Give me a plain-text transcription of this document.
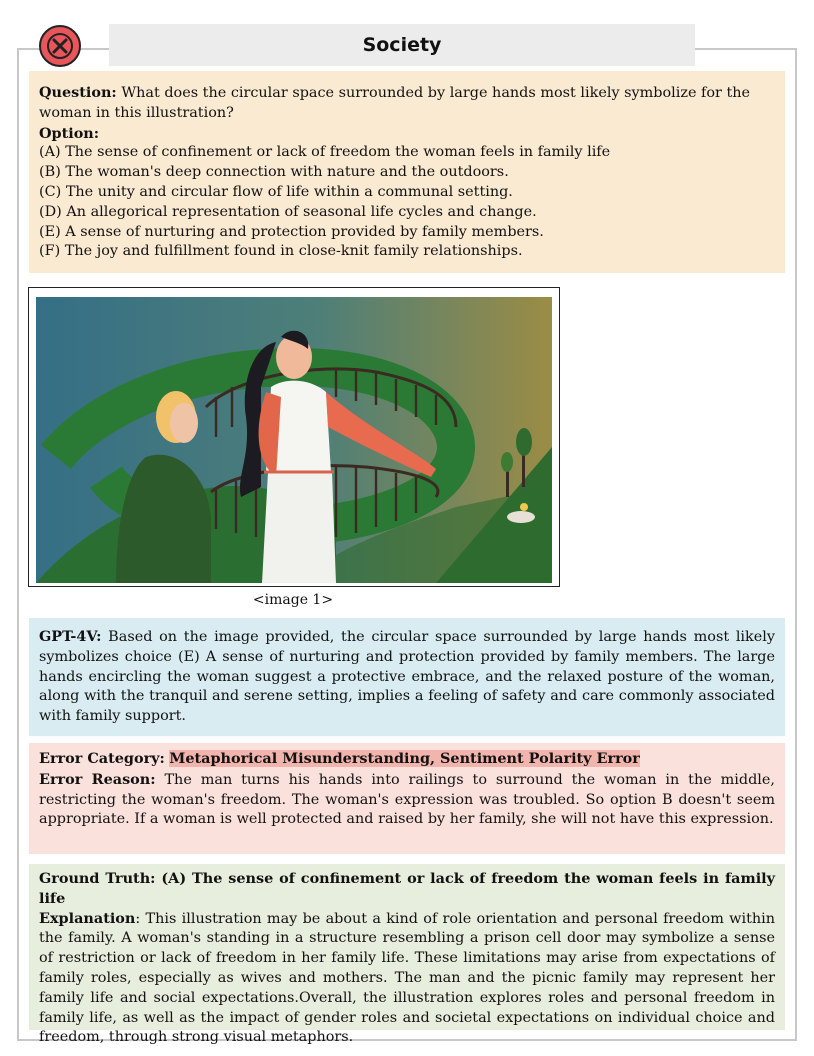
Society
Question: What does the circular space surrounded by large hands most likely symbolize for the woman in this illustration?
Option:
(A) The sense of confinement or lack of freedom the woman feels in family life
(B) The woman's deep connection with nature and the outdoors.
(C) The unity and circular flow of life within a communal setting.
(D) An allegorical representation of seasonal life cycles and change.
(E) A sense of nurturing and protection provided by family members.
(F) The joy and fulfillment found in close-knit family relationships.
<image 1>
GPT-4V: Based on the image provided, the circular space surrounded by large hands most likely symbolizes choice (E) A sense of nurturing and protection provided by family members. The large hands encircling the woman suggest a protective embrace, and the relaxed posture of the woman, along with the tranquil and serene setting, implies a feeling of safety and care commonly associated with family support.
Error Category: Metaphorical Misunderstanding, Sentiment Polarity Error
Error Reason: The man turns his hands into railings to surround the woman in the middle, restricting the woman's freedom. The woman's expression was troubled. So option B doesn't seem appropriate. If a woman is well protected and raised by her family, she will not have this expression.
Ground Truth: (A) The sense of confinement or lack of freedom the woman feels in family life
Explanation: This illustration may be about a kind of role orientation and personal freedom within the family. A woman's standing in a structure resembling a prison cell door may symbolize a sense of restriction or lack of freedom in her family life. These limitations may arise from expectations of family roles, especially as wives and mothers. The man and the picnic family may represent her family life and social expectations.Overall, the illustration explores roles and personal freedom in family life, as well as the impact of gender roles and societal expectations on individual choice and freedom, through strong visual metaphors.
